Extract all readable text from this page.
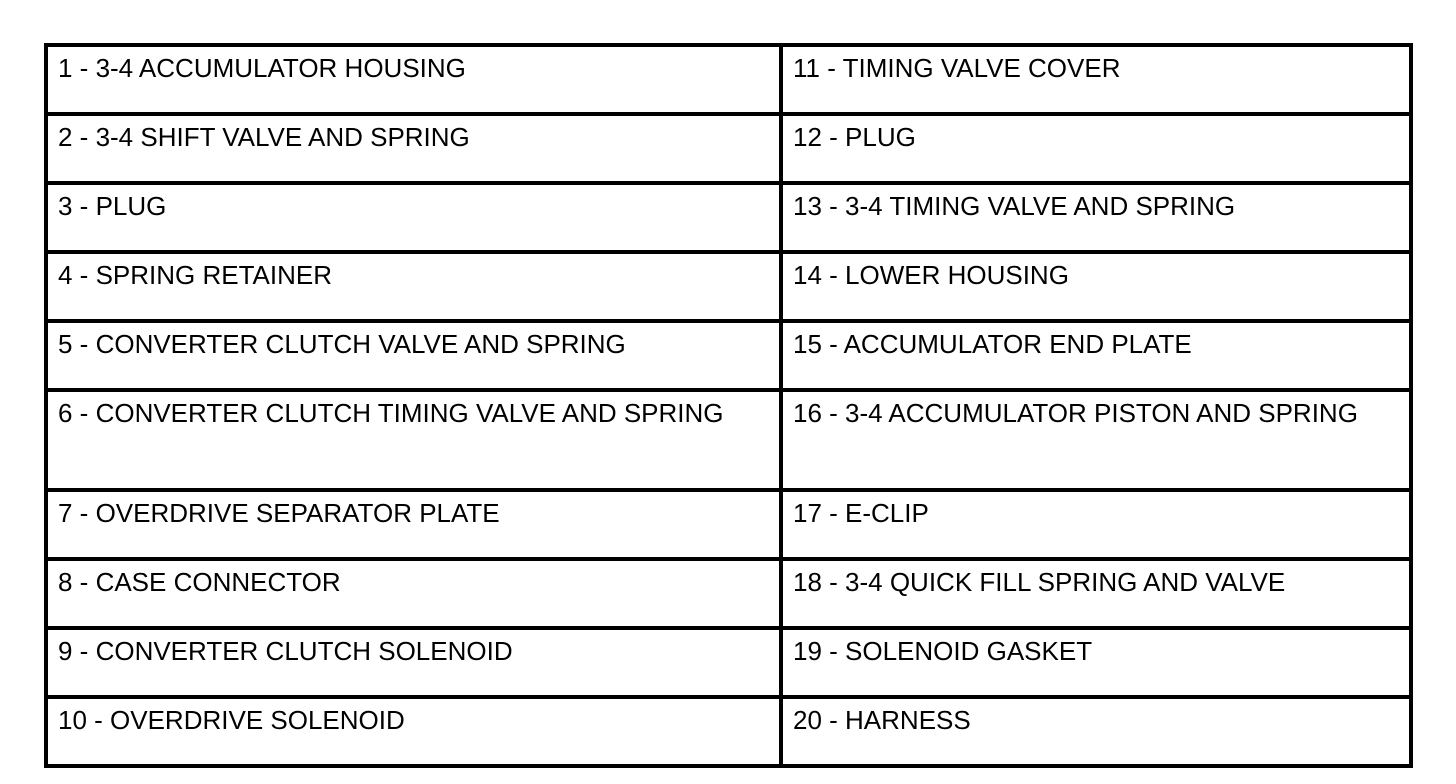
1 - 3-4 ACCUMULATOR HOUSING	11 - TIMING VALVE COVER
2 - 3-4 SHIFT VALVE AND SPRING	12 - PLUG
3 - PLUG	13 - 3-4 TIMING VALVE AND SPRING
4 - SPRING RETAINER	14 - LOWER HOUSING
5 - CONVERTER CLUTCH VALVE AND SPRING	15 - ACCUMULATOR END PLATE
6 - CONVERTER CLUTCH TIMING VALVE AND SPRING	16 - 3-4 ACCUMULATOR PISTON AND SPRING
7 - OVERDRIVE SEPARATOR PLATE	17 - E-CLIP
8 - CASE CONNECTOR	18 - 3-4 QUICK FILL SPRING AND VALVE
9 - CONVERTER CLUTCH SOLENOID	19 - SOLENOID GASKET
10 - OVERDRIVE SOLENOID	20 - HARNESS
